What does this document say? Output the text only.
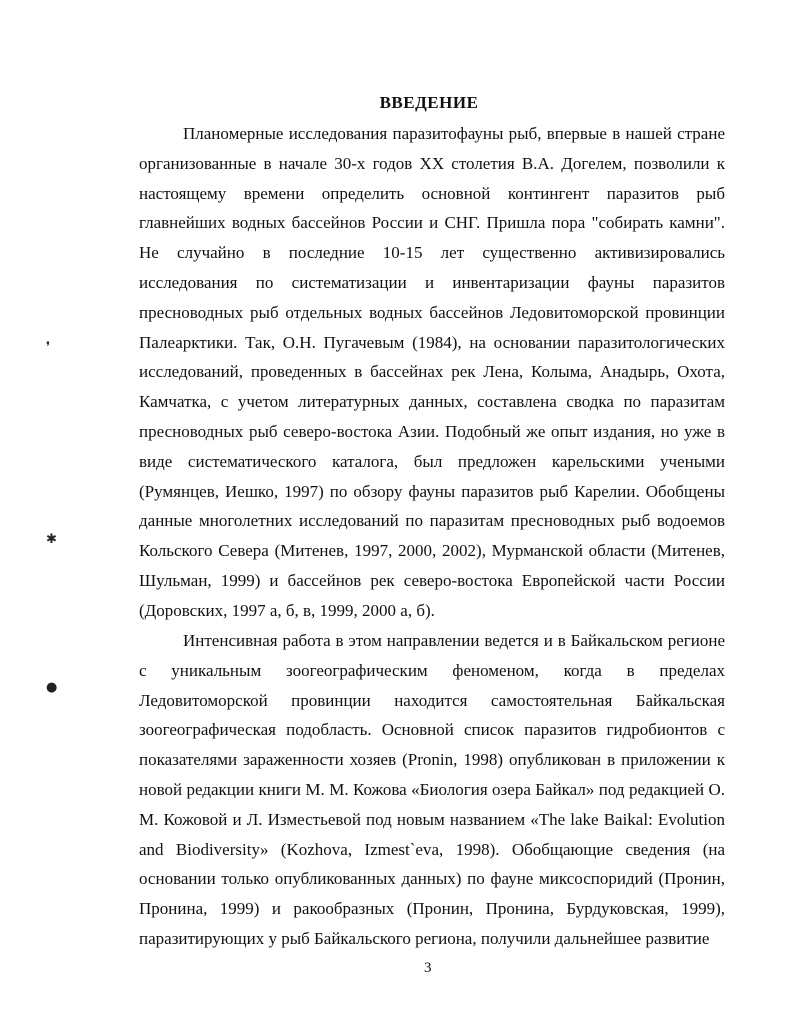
ВВЕДЕНИЕ

Планомерные исследования паразитофауны рыб, впервые в нашей стране организованные в начале 30-х годов XX столетия В.А. Догелем, позволили к настоящему времени определить основной контингент паразитов рыб главнейших водных бассейнов России и СНГ. Пришла пора "собирать камни". Не случайно в последние 10-15 лет существенно активизировались исследования по систематизации и инвентаризации фауны паразитов пресноводных рыб отдельных водных бассейнов Ледовитоморской провинции Палеарктики. Так, О.Н. Пугачевым (1984), на основании паразитологических исследований, проведенных в бассейнах рек Лена, Колыма, Анадырь, Охота, Камчатка, с учетом литературных данных, составлена сводка по паразитам пресноводных рыб северо-востока Азии. Подобный же опыт издания, но уже в виде систематического каталога, был предложен карельскими учеными (Румянцев, Иешко, 1997) по обзору фауны паразитов рыб Карелии. Обобщены данные многолетних исследований по паразитам пресноводных рыб водоемов Кольского Севера (Митенев, 1997, 2000, 2002), Мурманской области (Митенев, Шульман, 1999) и бассейнов рек северо-востока Европейской части России (Доровских, 1997 а, б, в, 1999, 2000 а, б).

Интенсивная работа в этом направлении ведется и в Байкальском регионе с уникальным зоогеографическим феноменом, когда в пределах Ледовитоморской провинции находится самостоятельная Байкальская зоогеографическая подобласть. Основной список паразитов гидробионтов с показателями зараженности хозяев (Pronin, 1998) опубликован в приложении к новой редакции книги М. М. Кожова «Биология озера Байкал» под редакцией О. М. Кожовой и Л. Изместьевой под новым названием «The lake Baikal: Evolution and Biodiversity» (Kozhova, Izmest`eva, 1998). Обобщающие сведения (на основании только опубликованных данных) по фауне миксоспоридий (Пронин, Пронина, 1999) и ракообразных (Пронин, Пронина, Бурдуковская, 1999), паразитирующих у рыб Байкальского региона, получили дальнейшее развитие

3
❜
✱
●
